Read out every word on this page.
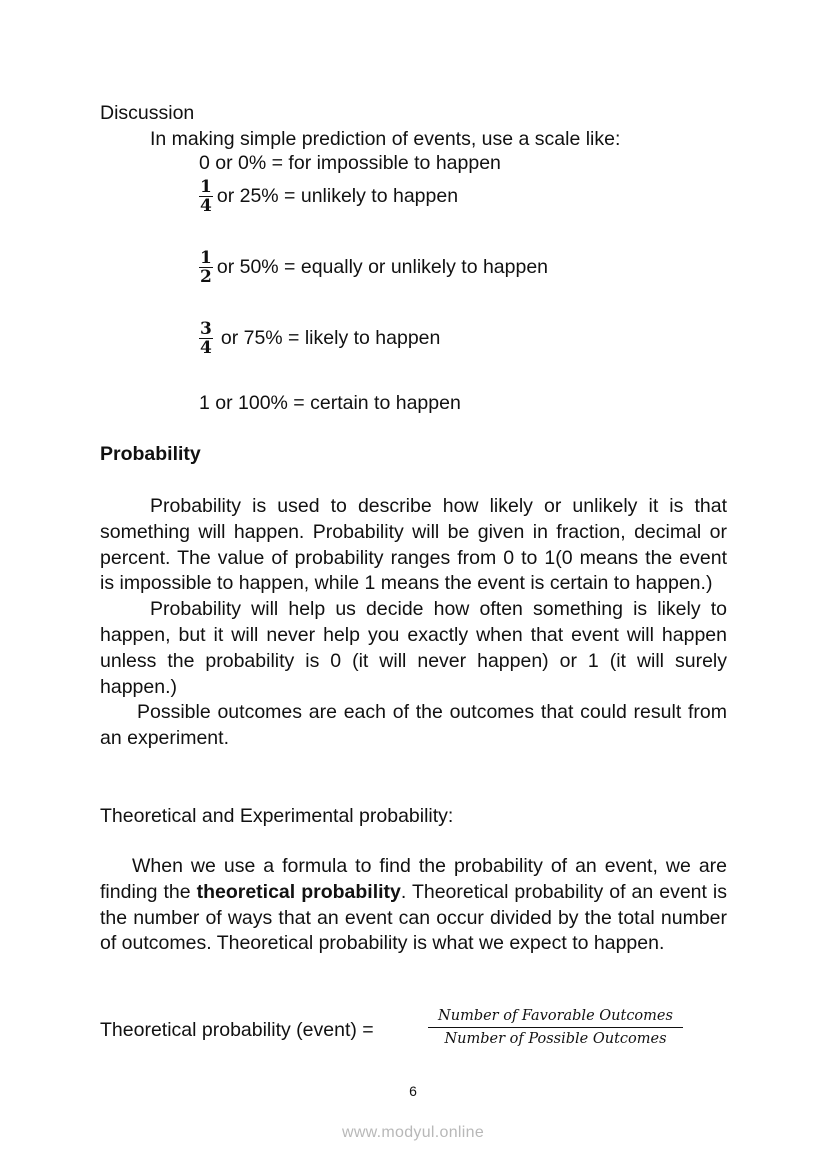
Discussion
In making simple prediction of events, use a scale like:
0 or 0% = for impossible to happen
$\frac{1}{4}$ or 25% = unlikely to happen
$\frac{1}{2}$ or 50% = equally or unlikely to happen
$\frac{3}{4}$ or 75% = likely to happen
1 or 100% = certain to happen
Probability

Probability is used to describe how likely or unlikely it is that something will happen. Probability will be given in fraction, decimal or percent. The value of probability ranges from 0 to 1(0 means the event is impossible to happen, while 1 means the event is certain to happen.)

Probability will help us decide how often something is likely to happen, but it will never help you exactly when that event will happen unless the probability is 0 (it will never happen) or 1 (it will surely happen.)

Possible outcomes are each of the outcomes that could result from an experiment.

Theoretical and Experimental probability:

When we use a formula to find the probability of an event, we are finding the theoretical probability. Theoretical probability of an event is the number of ways that an event can occur divided by the total number of outcomes. Theoretical probability is what we expect to happen.

Theoretical probability (event) =
Number of Favorable Outcomes
Number of Possible Outcomes
6
www.modyul.online
